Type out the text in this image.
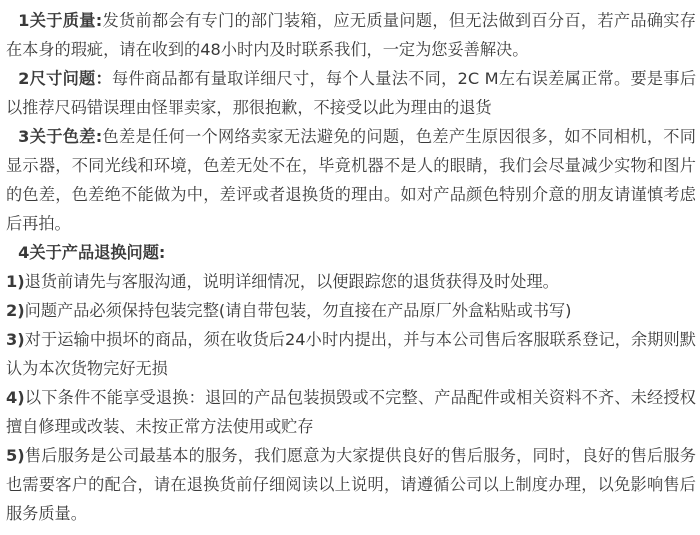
1关于质量:发货前都会有专门的部门装箱，应无质量问题，但无法做到百分百，若产品确实存在本身的瑕疵，请在收到的48小时内及时联系我们，一定为您妥善解决。

2尺寸问题：每件商品都有量取详细尺寸，每个人量法不同，2C M左右误差属正常。要是事后以推荐尺码错误理由怪罪卖家，那很抱歉，不接受以此为理由的退货

3关于色差:色差是任何一个网络卖家无法避免的问题，色差产生原因很多，如不同相机，不同显示器，不同光线和环境，色差无处不在，毕竟机器不是人的眼睛，我们会尽量减少实物和图片的色差，色差绝不能做为中，差评或者退换货的理由。如对产品颜色特别介意的朋友请谨慎考虑后再拍。

4关于产品退换问题:

1)退货前请先与客服沟通，说明详细情况，以便跟踪您的退货获得及时处理。

2)问题产品必须保持包装完整(请自带包装，勿直接在产品原厂外盒粘贴或书写)

3)对于运输中损坏的商品，须在收货后24小时内提出，并与本公司售后客服联系登记，余期则默认为本次货物完好无损

4)以下条件不能享受退换：退回的产品包装损毁或不完整、产品配件或相关资料不齐、未经授权擅自修理或改装、未按正常方法使用或贮存

5)售后服务是公司最基本的服务，我们愿意为大家提供良好的售后服务，同时，良好的售后服务也需要客户的配合，请在退换货前仔细阅读以上说明，请遵循公司以上制度办理，以免影响售后服务质量。
